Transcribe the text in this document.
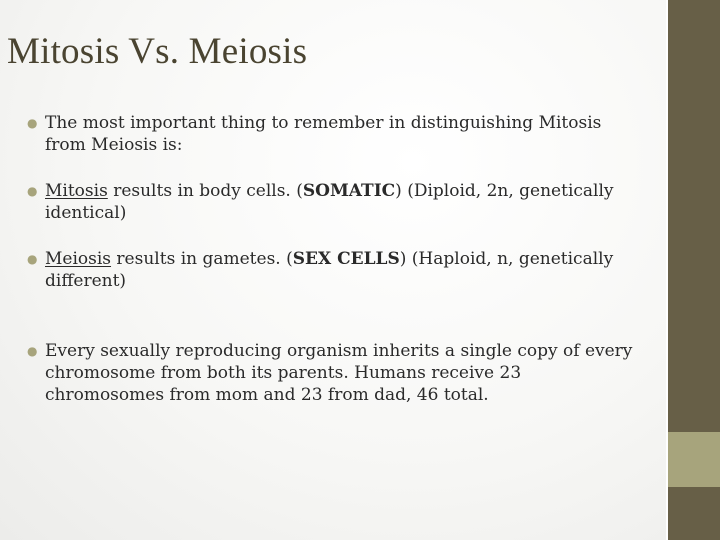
Mitosis Vs. Meiosis
● The most important thing to remember in distinguishing Mitosis from Meiosis is:
● Mitosis results in body cells. (SOMATIC) (Diploid, 2n, genetically identical)
● Meiosis results in gametes. (SEX CELLS) (Haploid, n, genetically different)
● Every sexually reproducing organism inherits a single copy of every chromosome from both its parents. Humans receive 23 chromosomes from mom and 23 from dad, 46 total.
